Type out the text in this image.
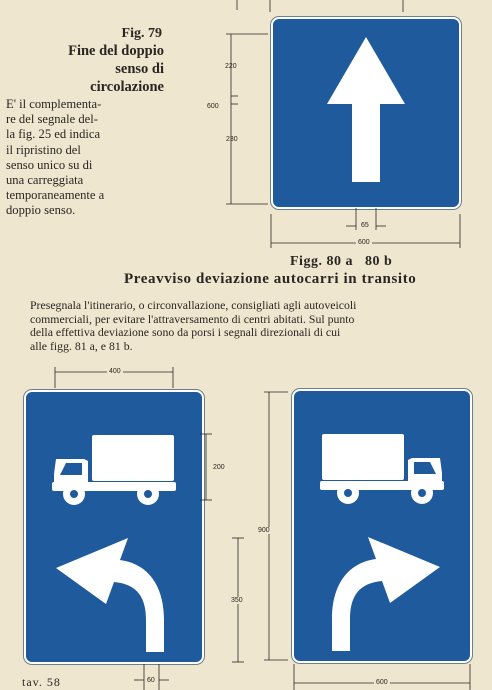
Fig. 79
Fine del doppio
senso di
circolazione
E' il complementa-
re del segnale del-
la fig. 25 ed indica
il ripristino del
senso unico su di
una carreggiata
temporaneamente a
doppio senso.
220
600
230
65
600
Figg. 80 a   80 b
Preavviso deviazione autocarri in transito
Presegnala l'itinerario, o circonvallazione, consigliati agli autoveicoli
commerciali, per evitare l'attraversamento di centri abitati. Sul punto
della effettiva deviazione sono da porsi i segnali direzionali di cui
alle figg. 81 a, e 81 b.
400
200
350
900
60	600
tav. 58
